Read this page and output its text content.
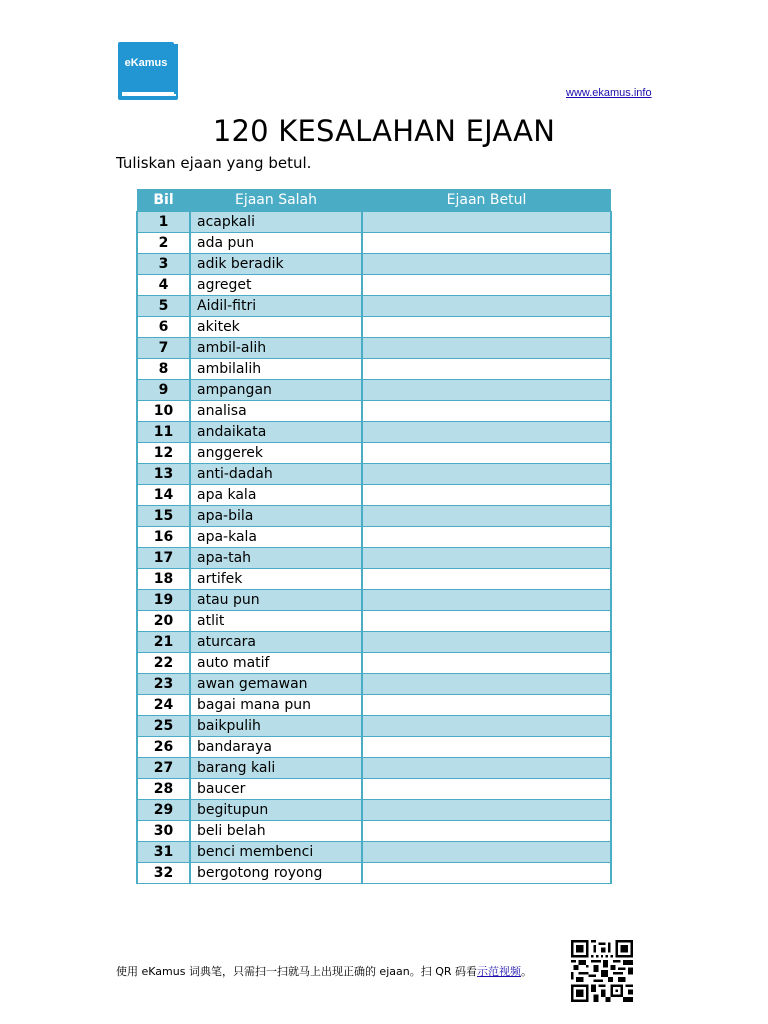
eKamus
www.ekamus.info
120 KESALAHAN EJAAN
Tuliskan ejaan yang betul.
Bil	Ejaan Salah	Ejaan Betul
1	acapkali	
2	ada pun	
3	adik beradik	
4	agreget	
5	Aidil-fitri	
6	akitek	
7	ambil-alih	
8	ambilalih	
9	ampangan	
10	analisa	
11	andaikata	
12	anggerek	
13	anti-dadah	
14	apa kala	
15	apa-bila	
16	apa-kala	
17	apa-tah	
18	artifek	
19	atau pun	
20	atlit	
21	aturcara	
22	auto matif	
23	awan gemawan	
24	bagai mana pun	
25	baikpulih	
26	bandaraya	
27	barang kali	
28	baucer	
29	begitupun	
30	beli belah	
31	benci membenci	
32	bergotong royong	
使用 eKamus 词典笔，只需扫一扫就马上出现正确的 ejaan。扫 QR 码看示范视频。
